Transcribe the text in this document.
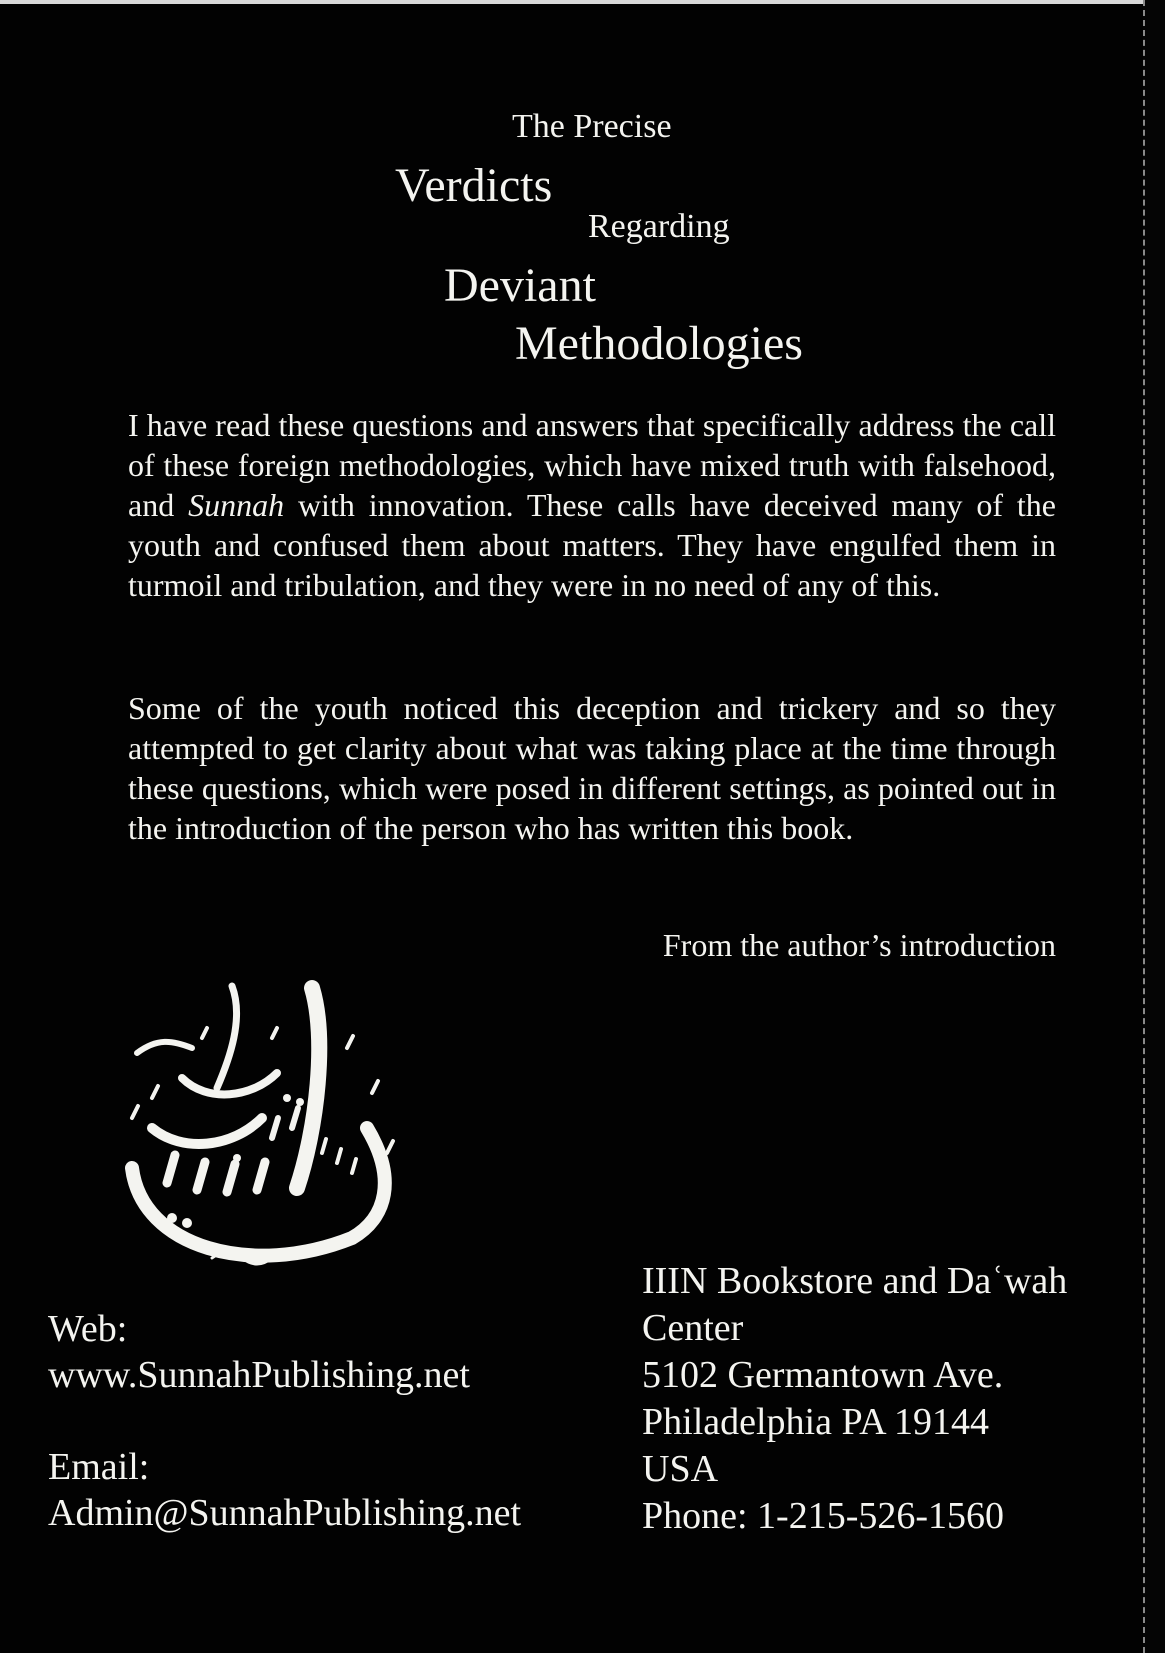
The Precise
Verdicts
Regarding
Deviant
Methodologies

I have read these questions and answers that specifically address the call of these foreign methodologies, which have mixed truth with falsehood, and Sunnah with innovation. These calls have deceived many of the youth and confused them about matters. They have engulfed them in turmoil and tribulation, and they were in no need of any of this.

Some of the youth noticed this deception and trickery and so they attempted to get clarity about what was taking place at the time through these questions, which were posed in different settings, as pointed out in the introduction of the person who has written this book.

From the author’s introduction
Web:
www.SunnahPublishing.net
Email:
Admin@SunnahPublishing.net
IIIN Bookstore and Daʿwah
Center
5102 Germantown Ave.
Philadelphia PA 19144
USA
Phone: 1-215-526-1560
